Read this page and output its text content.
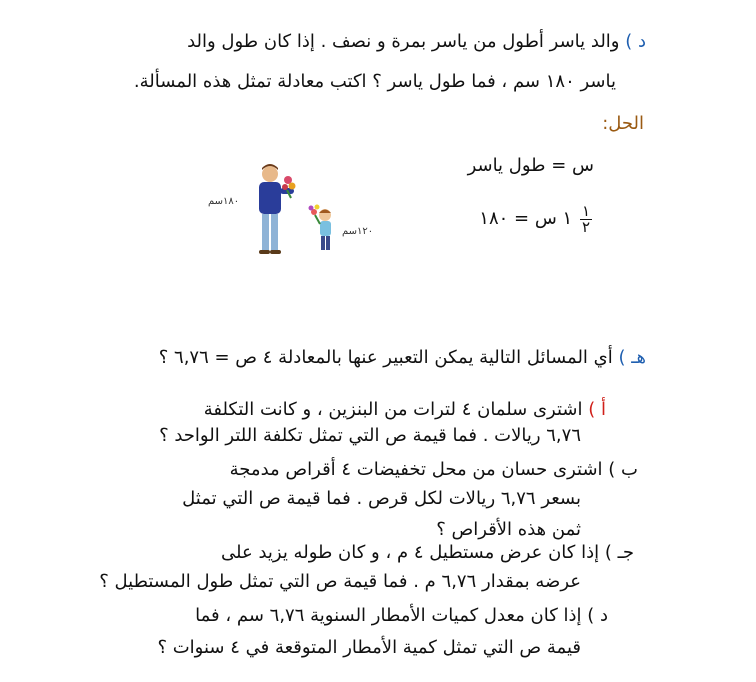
د ) والد ياسر أطول من ياسر بمرة و نصف . إذا كان طول والد
ياسر ١٨٠ سم ، فما طول ياسر ؟ اكتب معادلة تمثل هذه المسألة.
الحل:
س = طول ياسر
$\frac{١}{٢}$
١ س = ١٨٠
١٨٠سم
١٢٠سم
هـ ) أي المسائل التالية يمكن التعبير عنها بالمعادلة ٤ ص = ٦,٧٦ ؟
أ ) اشترى سلمان ٤ لترات من البنزين ، و كانت التكلفة
٦,٧٦ ريالات . فما قيمة ص التي تمثل تكلفة اللتر الواحد ؟
ب ) اشترى حسان من محل تخفيضات ٤ أقراص مدمجة
بسعر ٦,٧٦ ريالات لكل قرص . فما قيمة ص التي تمثل
ثمن هذه الأقراص ؟
جـ ) إذا كان عرض مستطيل ٤ م ، و كان طوله يزيد على
عرضه بمقدار ٦,٧٦ م . فما قيمة ص التي تمثل طول المستطيل ؟
د ) إذا كان معدل كميات الأمطار السنوية ٦,٧٦ سم ، فما
قيمة ص التي تمثل كمية الأمطار المتوقعة في ٤ سنوات ؟
